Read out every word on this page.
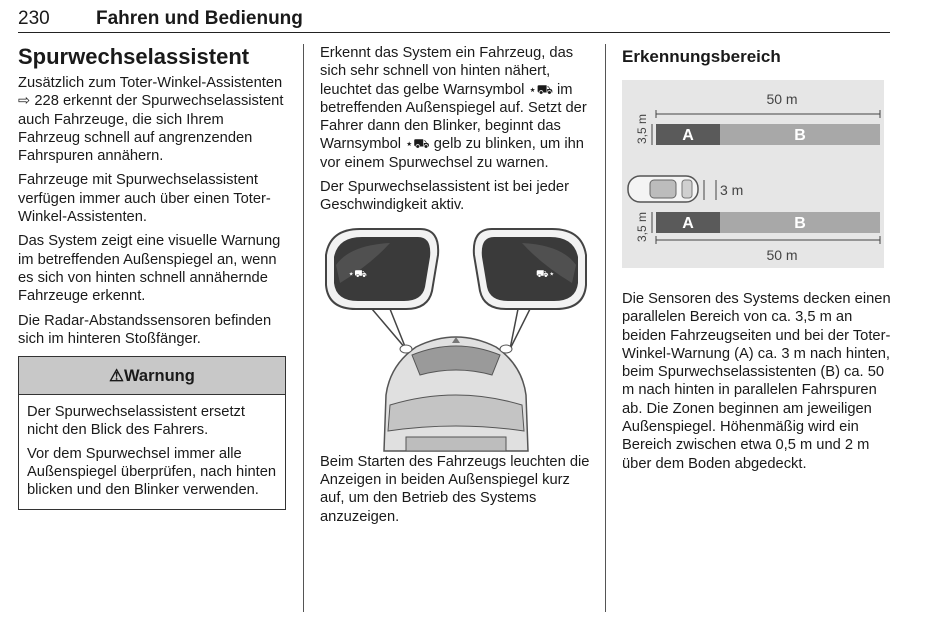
230 Fahren und Bedienung
Spurwechselassistent

Zusätzlich zum Toter-Winkel-Assistenten ⇨ 228 erkennt der Spurwechselassistent auch Fahrzeuge, die sich Ihrem Fahrzeug schnell auf angrenzenden Fahrspuren annähern.

Fahrzeuge mit Spurwechselassistent verfügen immer auch über einen Toter-Winkel-Assistenten.

Das System zeigt eine visuelle Warnung im betreffenden Außenspiegel an, wenn es sich von hinten schnell annähernde Fahrzeuge erkennt.

Die Radar-Abstandssensoren befinden sich im hinteren Stoßfänger.

⚠Warnung

Der Spurwechselassistent ersetzt nicht den Blick des Fahrers.

Vor dem Spurwechsel immer alle Außenspiegel überprüfen, nach hinten blicken und den Blinker verwenden.

Erkennt das System ein Fahrzeug, das sich sehr schnell von hinten nähert, leuchtet das gelbe Warnsymbol ⋆⛟ im betreffenden Außenspiegel auf. Setzt der Fahrer dann den Blinker, beginnt das Warnsymbol ⋆⛟ gelb zu blinken, um ihn vor einem Spurwechsel zu warnen.

Der Spurwechselassistent ist bei jeder Geschwindigkeit aktiv.

⋆⛟	⛟⋆

Beim Starten des Fahrzeugs leuchten die Anzeigen in beiden Außenspiegel kurz auf, um den Betrieb des Systems anzuzeigen.

Erkennungsbereich
50 m
A	B
3,5 m
3 m
A	B
3,5 m
50 m

Die Sensoren des Systems decken einen parallelen Bereich von ca. 3,5 m an beiden Fahrzeugseiten und bei der Toter-Winkel-Warnung (A) ca. 3 m nach hinten, beim Spurwechselassistenten (B) ca. 50 m nach hinten in parallelen Fahrspuren ab. Die Zonen beginnen am jeweiligen Außenspiegel. Höhenmäßig wird ein Bereich zwischen etwa 0,5 m und 2 m über dem Boden abgedeckt.
